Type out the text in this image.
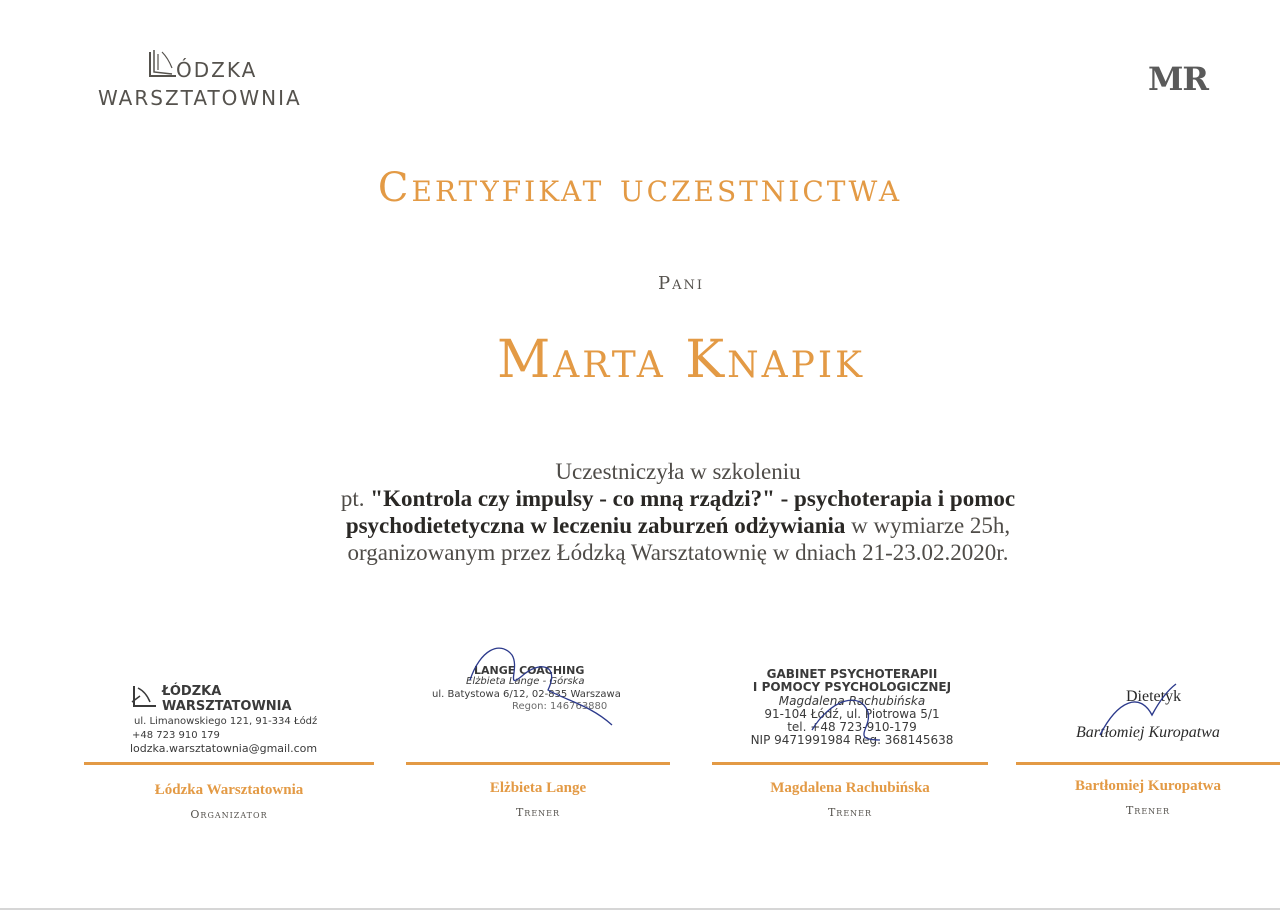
ÓDZKA
WARSZTATOWNIA	MR
Certyfikat uczestnictwa
Pani
Marta Knapik
Uczestniczyła w szkoleniu
pt. "Kontrola czy impulsy - co mną rządzi?" - psychoterapia i pomoc
psychodietetyczna w leczeniu zaburzeń odżywiania w wymiarze 25h,
organizowanym przez Łódzką Warsztatownię w dniach 21-23.02.2020r.
ŁÓDZKA
WARSZTATOWNIA
ul. Limanowskiego 121, 91-334 Łódź
+48 723 910 179
lodzka.warsztatownia@gmail.com
LANGE COACHING
Elżbieta Lange - Górska
ul. Batystowa 6/12, 02-835 Warszawa
Regon: 146763880
GABINET PSYCHOTERAPII
I POMOCY PSYCHOLOGICZNEJ
Magdalena Rachubińska
91-104 Łódź, ul. Piotrowa 5/1
tel. +48 723-910-179
NIP 9471991984 Reg. 368145638
Dietetyk
Bartłomiej Kuropatwa
Łódzka Warsztatownia
Organizator
Elżbieta Lange
Trener
Magdalena Rachubińska
Trener
Bartłomiej Kuropatwa
Trener
